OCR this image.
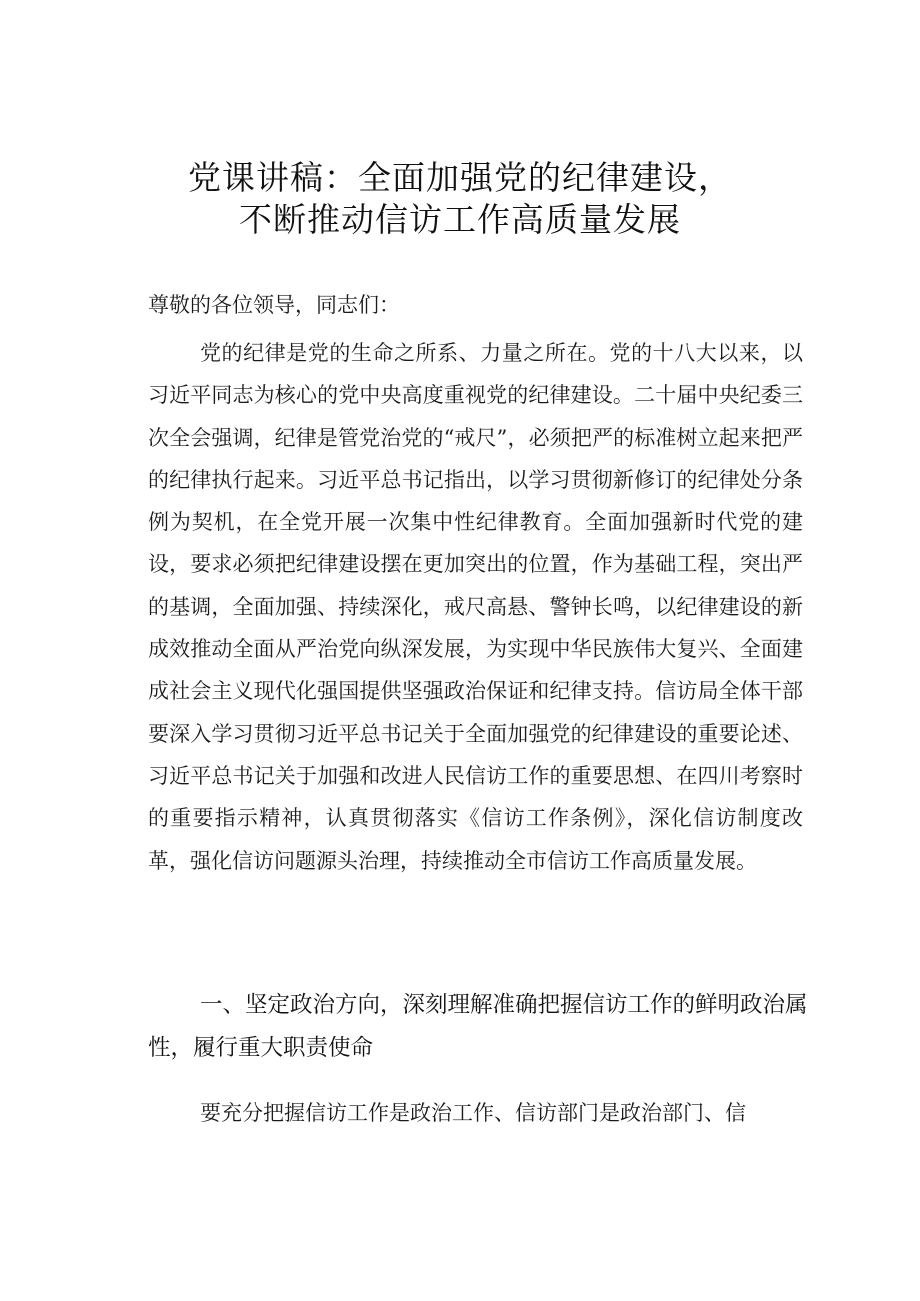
党课讲稿：全面加强党的纪律建设，
不断推动信访工作高质量发展
尊敬的各位领导，同志们：
党的纪律是党的生命之所系、力量之所在。党的十八大以来，以习近平同志为核心的党中央高度重视党的纪律建设。二十届中央纪委三次全会强调，纪律是管党治党的“戒尺”，必须把严的标准树立起来把严的纪律执行起来。习近平总书记指出，以学习贯彻新修订的纪律处分条例为契机，在全党开展一次集中性纪律教育。全面加强新时代党的建设，要求必须把纪律建设摆在更加突出的位置，作为基础工程，突出严的基调，全面加强、持续深化，戒尺高悬、警钟长鸣，以纪律建设的新成效推动全面从严治党向纵深发展，为实现中华民族伟大复兴、全面建成社会主义现代化强国提供坚强政治保证和纪律支持。信访局全体干部要深入学习贯彻习近平总书记关于全面加强党的纪律建设的重要论述、习近平总书记关于加强和改进人民信访工作的重要思想、在四川考察时的重要指示精神，认真贯彻落实《信访工作条例》，深化信访制度改革，强化信访问题源头治理，持续推动全市信访工作高质量发展。
一、坚定政治方向，深刻理解准确把握信访工作的鲜明政治属性，履行重大职责使命
要充分把握信访工作是政治工作、信访部门是政治部门、信
